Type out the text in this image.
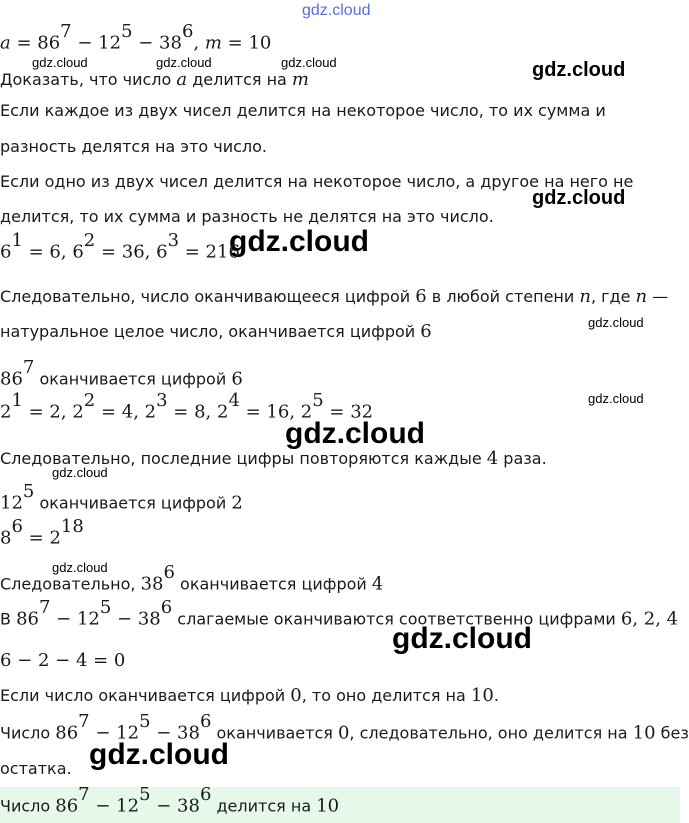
gdz.cloud
gdz.cloud	gdz.cloud	gdz.cloud	gdz.cloud
gdz.cloud
gdz.cloud
gdz.cloud
gdz.cloud
gdz.cloud
gdz.cloud
gdz.cloud
gdz.cloud
gdz.cloud
$a = 86^7 - 12^5 - 38^6$, m = 10
Доказать, что число a делится на m
Если каждое из двух чисел делится на некоторое число, то их сумма и
разность делятся на это число.
Если одно из двух чисел делится на некоторое число, а другое на него не
делится, то их сумма и разность не делятся на это число.
$6^1 = 6$, $6^2 = 36$, $6^3 = 216$
Следовательно, число оканчивающееся цифрой 6 в любой степени n, где n —
натуральное целое число, оканчивается цифрой 6
$86^7$ оканчивается цифрой 6
$2^1 = 2$, $2^2 = 4$, $2^3 = 8$, $2^4 = 16$, $2^5 = 32$
Следовательно, последние цифры повторяются каждые 4 раза.
$12^5$ оканчивается цифрой 2
$8^6 = 2^{18}$
Следовательно, $38^6$ оканчивается цифрой 4
В $86^7 - 12^5 - 38^6$ слагаемые оканчиваются соответственно цифрами 6, 2, 4
6 − 2 − 4 = 0
Если число оканчивается цифрой 0, то оно делится на 10.
Число $86^7 - 12^5 - 38^6$ оканчивается 0, следовательно, оно делится на 10 без
остатка.
Число $86^7 - 12^5 - 38^6$ делится на 10
